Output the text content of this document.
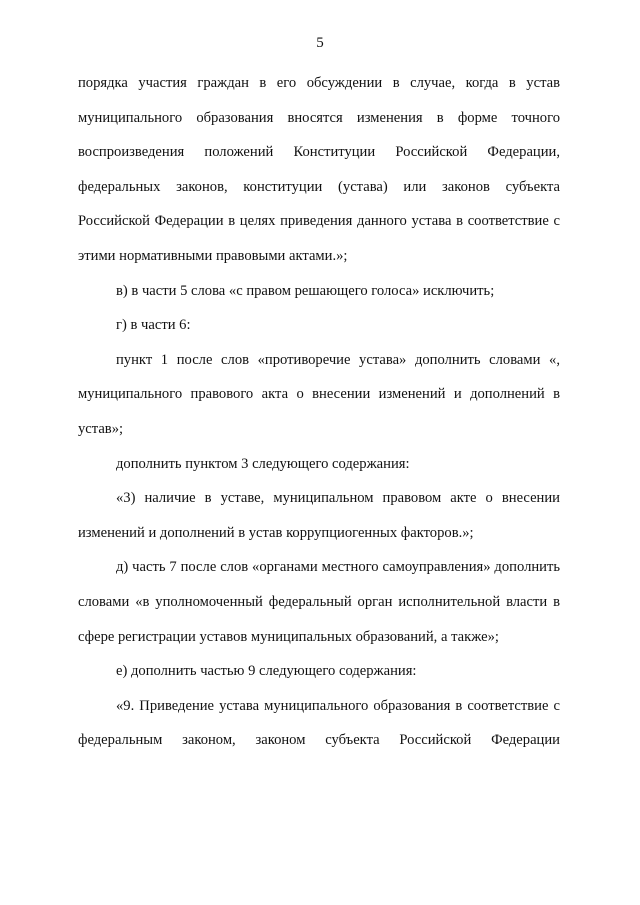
5

порядка участия граждан в его обсуждении в случае, когда в устав муниципального образования вносятся изменения в форме точного воспроизведения положений Конституции Российской Федерации, федеральных законов, конституции (устава) или законов субъекта Российской Федерации в целях приведения данного устава в соответствие с этими нормативными правовыми актами.»;

в) в части 5 слова «с правом решающего голоса» исключить;

г) в части 6:

пункт 1 после слов «противоречие устава» дополнить словами «, муниципального правового акта о внесении изменений и дополнений в устав»;

дополнить пунктом 3 следующего содержания:

«3) наличие в уставе, муниципальном правовом акте о внесении изменений и дополнений в устав коррупциогенных факторов.»;

д) часть 7 после слов «органами местного самоуправления» дополнить словами «в уполномоченный федеральный орган исполнительной власти в сфере регистрации уставов муниципальных образований, а также»;

е) дополнить частью 9 следующего содержания:

«9. Приведение устава муниципального образования в соответствие с федеральным законом, законом субъекта Российской Федерации
